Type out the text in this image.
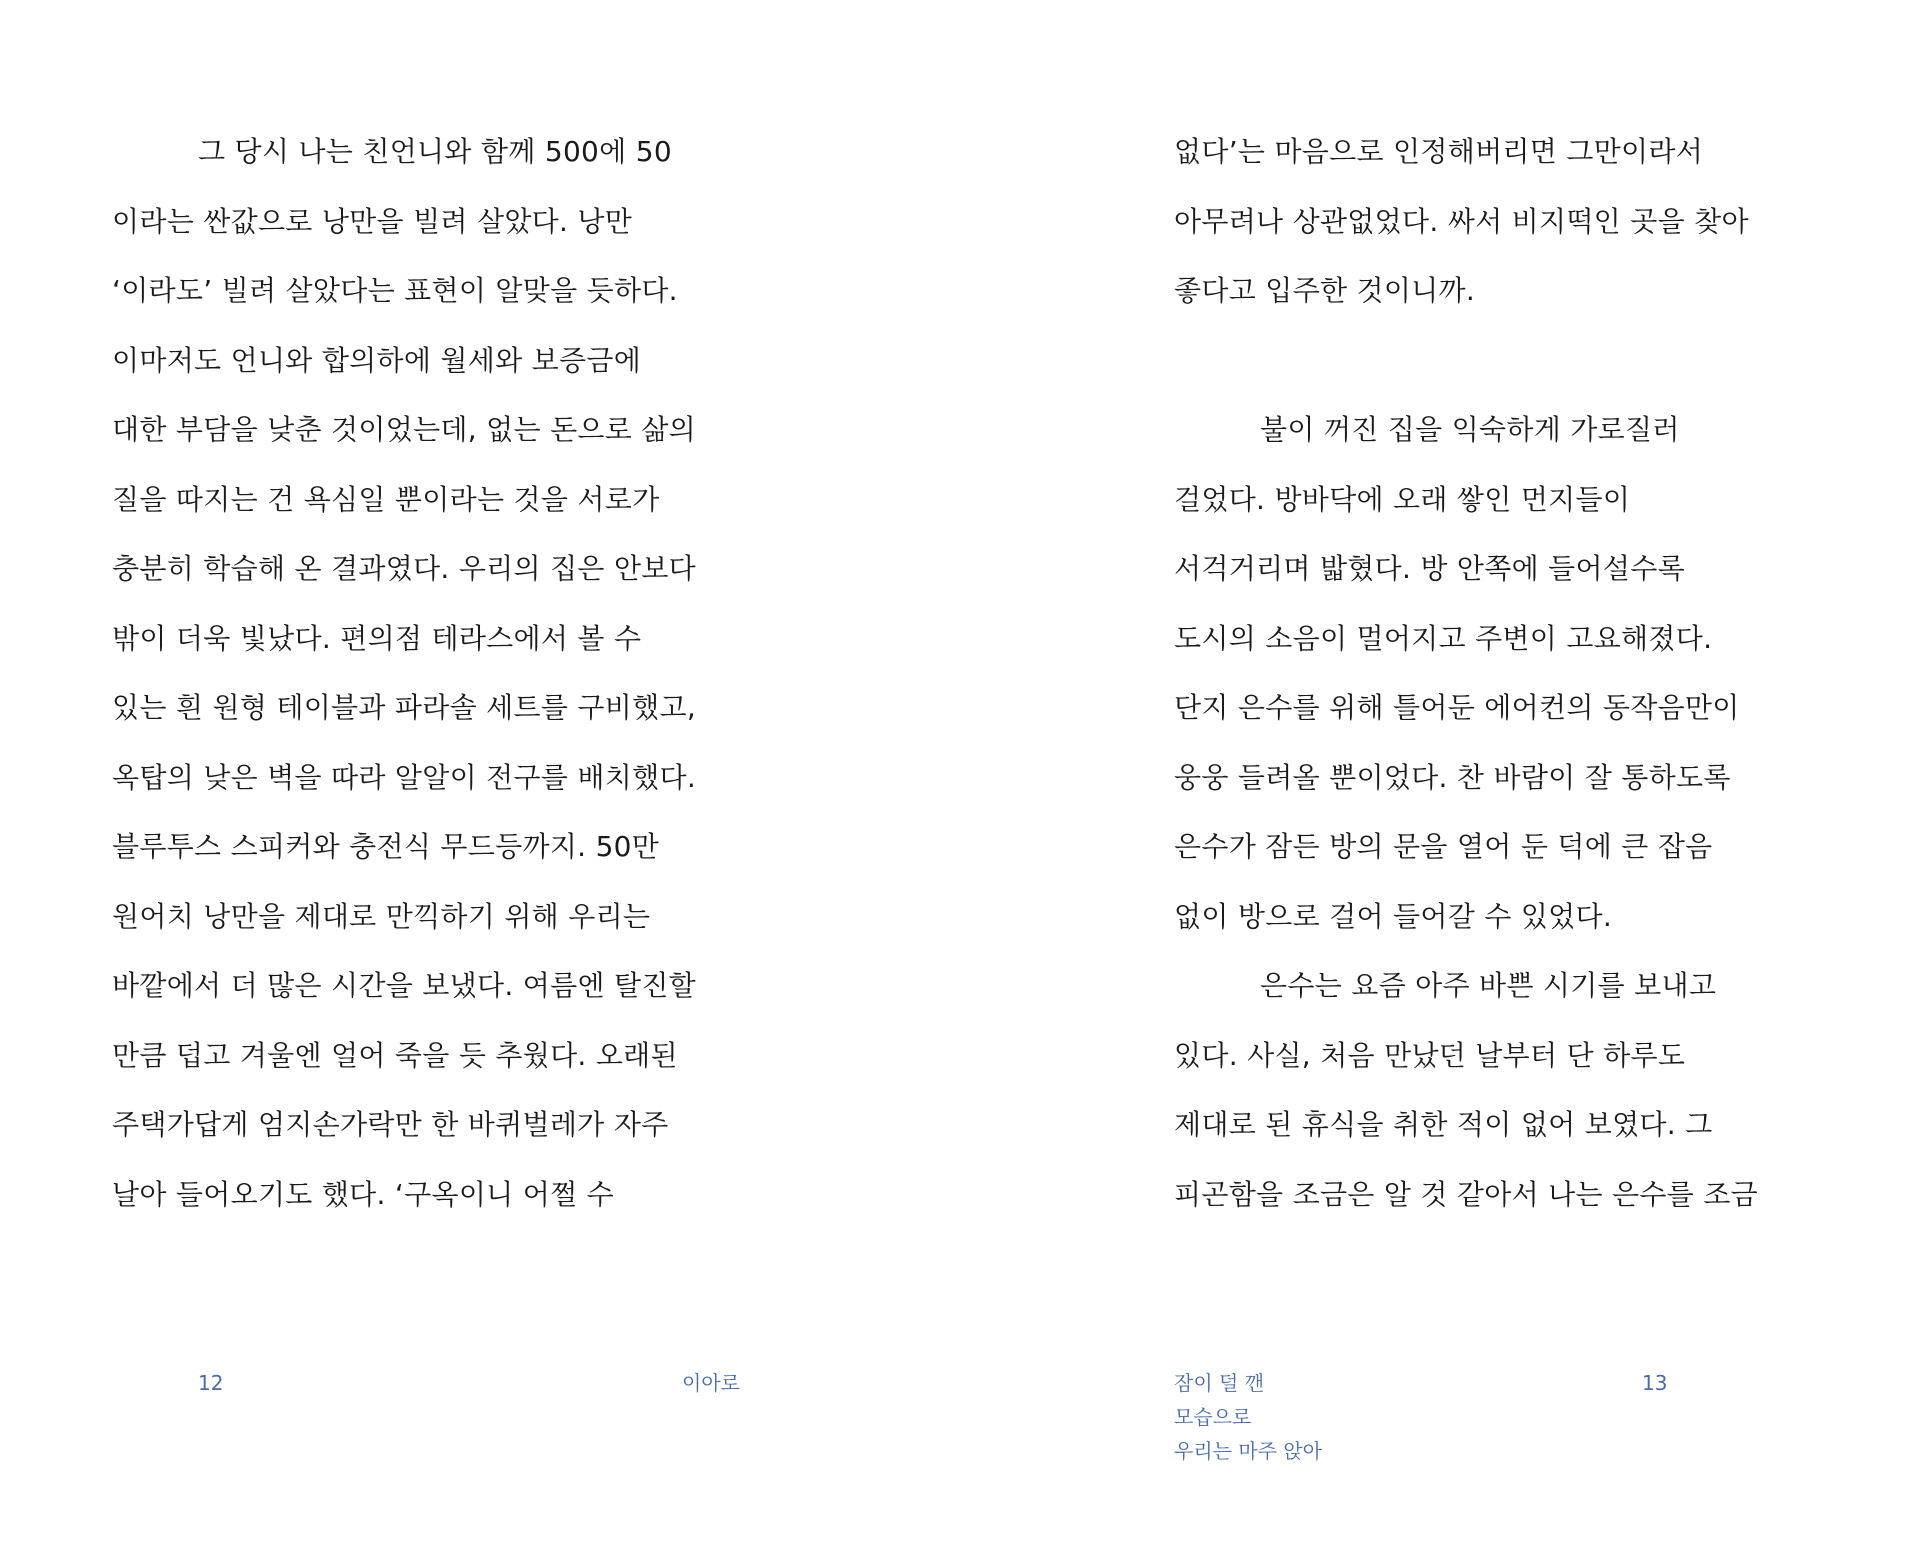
그 당시 나는 친언니와 함께 500에 50
이라는 싼값으로 낭만을 빌려 살았다. 낭만
‘이라도’ 빌려 살았다는 표현이 알맞을 듯하다.
이마저도 언니와 합의하에 월세와 보증금에
대한 부담을 낮춘 것이었는데, 없는 돈으로 삶의
질을 따지는 건 욕심일 뿐이라는 것을 서로가
충분히 학습해 온 결과였다. 우리의 집은 안보다
밖이 더욱 빛났다. 편의점 테라스에서 볼 수
있는 흰 원형 테이블과 파라솔 세트를 구비했고,
옥탑의 낮은 벽을 따라 알알이 전구를 배치했다.
블루투스 스피커와 충전식 무드등까지. 50만
원어치 낭만을 제대로 만끽하기 위해 우리는
바깥에서 더 많은 시간을 보냈다. 여름엔 탈진할
만큼 덥고 겨울엔 얼어 죽을 듯 추웠다. 오래된
주택가답게 엄지손가락만 한 바퀴벌레가 자주
날아 들어오기도 했다. ‘구옥이니 어쩔 수
12	이아로
없다’는 마음으로 인정해버리면 그만이라서
아무려나 상관없었다. 싸서 비지떡인 곳을 찾아
좋다고 입주한 것이니까.
불이 꺼진 집을 익숙하게 가로질러
걸었다. 방바닥에 오래 쌓인 먼지들이
서걱거리며 밟혔다. 방 안쪽에 들어설수록
도시의 소음이 멀어지고 주변이 고요해졌다.
단지 은수를 위해 틀어둔 에어컨의 동작음만이
웅웅 들려올 뿐이었다. 찬 바람이 잘 통하도록
은수가 잠든 방의 문을 열어 둔 덕에 큰 잡음
없이 방으로 걸어 들어갈 수 있었다.
은수는 요즘 아주 바쁜 시기를 보내고
있다. 사실, 처음 만났던 날부터 단 하루도
제대로 된 휴식을 취한 적이 없어 보였다. 그
피곤함을 조금은 알 것 같아서 나는 은수를 조금
잠이 덜 깬
모습으로
우리는 마주 앉아
13
